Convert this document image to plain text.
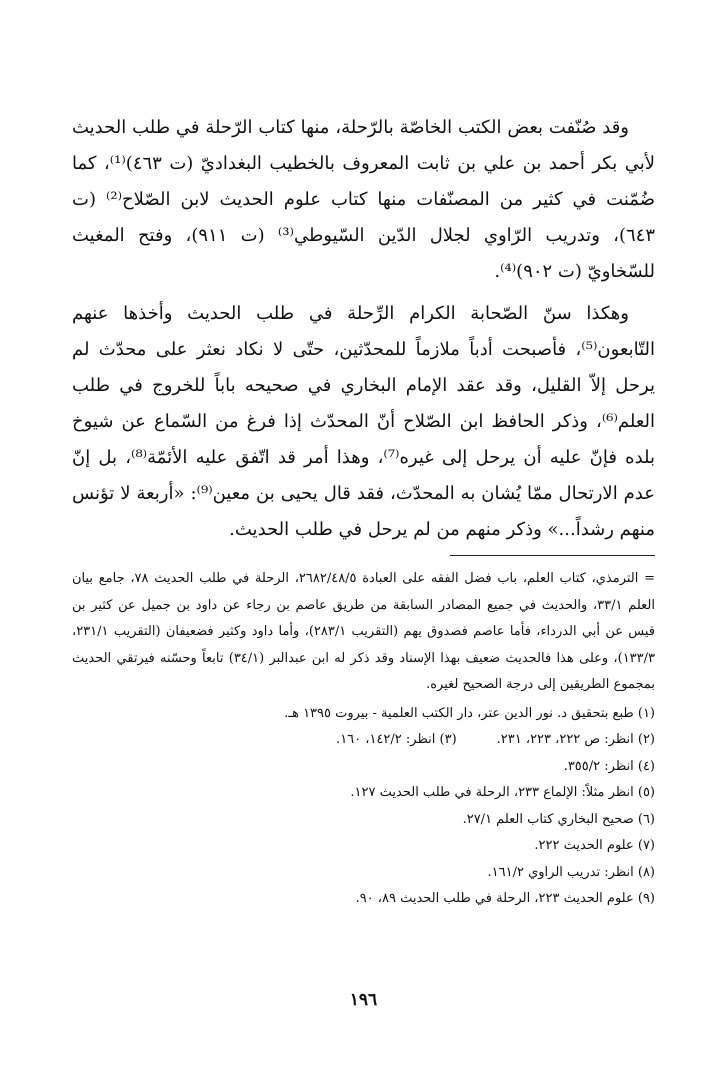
وقد صُنّفت بعض الكتب الخاصّة بالرّحلة، منها كتاب الرّحلة في طلب الحديث لأبي بكر أحمد بن علي بن ثابت المعروف بالخطيب البغداديّ (ت ٤٦٣)⁽¹⁾، كما ضُمّنت في كثير من المصنّفات منها كتاب علوم الحديث لابن الصّلاح⁽²⁾ (ت ٦٤٣)، وتدريب الرّاوي لجلال الدّين السّيوطي⁽³⁾ (ت ٩١١)، وفتح المغيث للسّخاويّ (ت ٩٠٢)⁽⁴⁾.

وهكذا سنّ الصّحابة الكرام الرِّحلة في طلب الحديث وأخذها عنهم التّابعون⁽⁵⁾، فأصبحت أدباً ملازماً للمحدّثين، حتّى لا نكاد نعثر على محدّث لم يرحل إلاّ القليل، وقد عقد الإمام البخاري في صحيحه باباً للخروج في طلب العلم⁽⁶⁾، وذكر الحافظ ابن الصّلاح أنّ المحدّث إذا فرغ من السّماع عن شيوخ بلده فإنّ عليه أن يرحل إلى غيره⁽⁷⁾، وهذا أمر قد اتّفق عليه الأئمّة⁽⁸⁾، بل إنّ عدم الارتحال ممّا يُشان به المحدّث، فقد قال يحيى بن معين⁽⁹⁾: «أربعة لا تؤنس منهم رشداً...» وذكر منهم من لم يرحل في طلب الحديث.

= الترمذي، كتاب العلم، باب فضل الفقه على العبادة ٢٦٨٢/٤٨/٥، الرحلة في طلب الحديث ٧٨، جامع بيان العلم ٣٣/١، والحديث في جميع المصادر السابقة من طريق عاصم بن رجاء عن داود بن جميل عن كثير بن قيس عن أبي الدرداء، فأما عاصم فصدوق يهم (التقريب ٢٨٣/١)، وأما داود وكثير فضعيفان (التقريب ٢٣١/١، ١٣٣/٣)، وعلى هذا فالحديث ضعيف بهذا الإسناد وقد ذكر له ابن عبدالبر (٣٤/١) تابعاً وحسّنه فيرتقي الحديث بمجموع الطريقين إلى درجة الصحيح لغيره.

(١) طبع بتحقيق د. نور الدين عتر، دار الكتب العلمية - بيروت ١٣٩٥ هـ.

(٢) انظر: ص ٢٢٢، ٢٢٣، ٢٣١.
(٣) انظر: ١٤٢/٢، ١٦٠.

(٤) انظر: ٣٥٥/٢.

(٥) انظر مثلاً: الإلماع ٢٣٣، الرحلة في طلب الحديث ١٢٧.

(٦) صحيح البخاري كتاب العلم ٢٧/١.

(٧) علوم الحديث ٢٢٢.

(٨) انظر: تدريب الراوي ١٦١/٢.

(٩) علوم الحديث ٢٢٣، الرحلة في طلب الحديث ٨٩، ٩٠.

١٩٦
